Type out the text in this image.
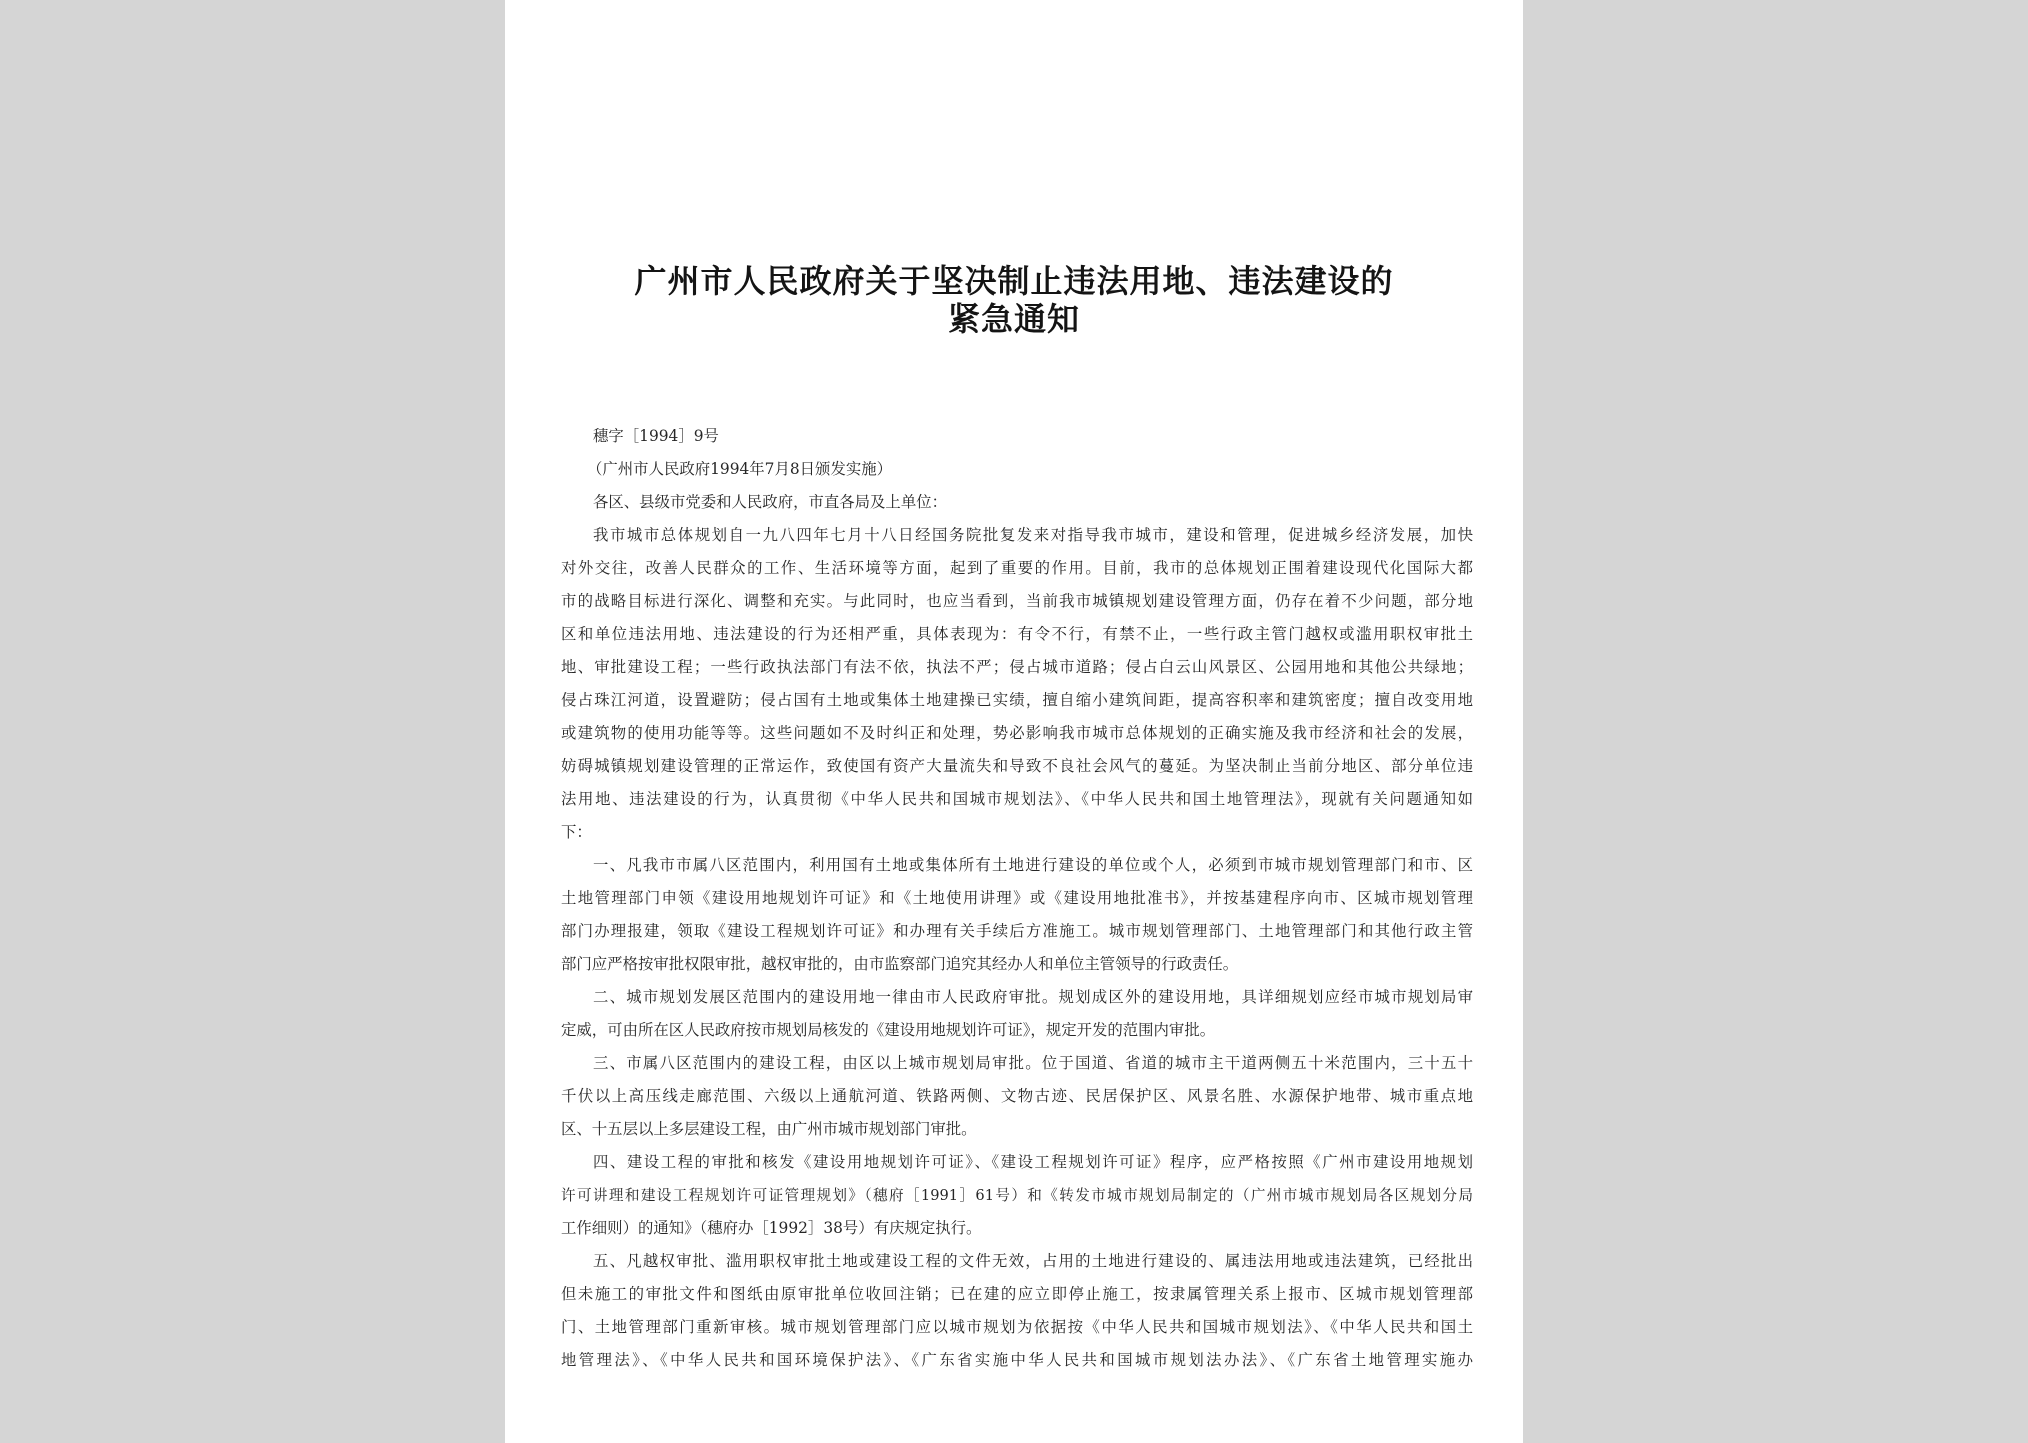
广州市人民政府关于坚决制止违法用地、违法建设的
紧急通知
穗字［1994］9号
（广州市人民政府1994年7月8日颁发实施）
各区、县级市党委和人民政府，市直各局及上单位：
我市城市总体规划自一九八四年七月十八日经国务院批复发来对指导我市城市，建设和管理，促进城乡经济发展，加快
对外交往，改善人民群众的工作、生活环境等方面，起到了重要的作用。目前，我市的总体规划正围着建设现代化国际大都
市的战略目标进行深化、调整和充实。与此同时，也应当看到，当前我市城镇规划建设管理方面，仍存在着不少问题，部分地
区和单位违法用地、违法建设的行为还相严重，具体表现为：有令不行，有禁不止，一些行政主管门越权或滥用职权审批土
地、审批建设工程；一些行政执法部门有法不依，执法不严；侵占城市道路；侵占白云山风景区、公园用地和其他公共绿地；
侵占珠江河道，设置避防；侵占国有土地或集体土地建操已实绩，擅自缩小建筑间距，提高容积率和建筑密度；擅自改变用地
或建筑物的使用功能等等。这些问题如不及时纠正和处理，势必影响我市城市总体规划的正确实施及我市经济和社会的发展，
妨碍城镇规划建设管理的正常运作，致使国有资产大量流失和导致不良社会风气的蔓延。为坚决制止当前分地区、部分单位违
法用地、违法建设的行为，认真贯彻《中华人民共和国城市规划法》、《中华人民共和国土地管理法》，现就有关问题通知如
下：
一、凡我市市属八区范围内，利用国有土地或集体所有土地进行建设的单位或个人，必须到市城市规划管理部门和市、区
土地管理部门申领《建设用地规划许可证》和《土地使用讲理》或《建设用地批准书》，并按基建程序向市、区城市规划管理
部门办理报建，领取《建设工程规划许可证》和办理有关手续后方准施工。城市规划管理部门、土地管理部门和其他行政主管
部门应严格按审批权限审批，越权审批的，由市监察部门追究其经办人和单位主管领导的行政责任。
二、城市规划发展区范围内的建设用地一律由市人民政府审批。规划成区外的建设用地，具详细规划应经市城市规划局审
定威，可由所在区人民政府按市规划局核发的《建设用地规划许可证》，规定开发的范围内审批。
三、市属八区范围内的建设工程，由区以上城市规划局审批。位于国道、省道的城市主干道两侧五十米范围内，三十五十
千伏以上高压线走廊范围、六级以上通航河道、铁路两侧、文物古迹、民居保护区、风景名胜、水源保护地带、城市重点地
区、十五层以上多层建设工程，由广州市城市规划部门审批。
四、建设工程的审批和核发《建设用地规划许可证》、《建设工程规划许可证》程序，应严格按照《广州市建设用地规划
许可讲理和建设工程规划许可证管理规划》（穗府［1991］61号）和《转发市城市规划局制定的（广州市城市规划局各区规划分局
工作细则）的通知》（穗府办［1992］38号）有庆规定执行。
五、凡越权审批、滥用职权审批土地或建设工程的文件无效，占用的土地进行建设的、属违法用地或违法建筑，已经批出
但未施工的审批文件和图纸由原审批单位收回注销；已在建的应立即停止施工，按隶属管理关系上报市、区城市规划管理部
门、土地管理部门重新审核。城市规划管理部门应以城市规划为依据按《中华人民共和国城市规划法》、《中华人民共和国土
地管理法》、《中华人民共和国环境保护法》、《广东省实施中华人民共和国城市规划法办法》、《广东省土地管理实施办
